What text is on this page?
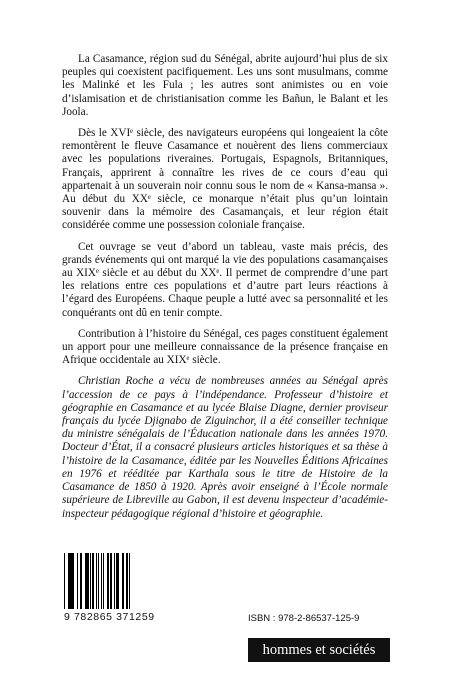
La Casamance, région sud du Sénégal, abrite aujourd’hui plus de six peuples qui coexistent pacifiquement. Les uns sont musulmans, comme les Malinké et les Fula ; les autres sont animistes ou en voie d’islamisation et de christianisation comme les Bañun, le Balant et les Joola.

Dès le XVIᵉ siècle, des navigateurs européens qui longeaient la côte remontèrent le fleuve Casamance et nouèrent des liens commerciaux avec les populations riveraines. Portugais, Espagnols, Britanniques, Français, apprirent à connaître les rives de ce cours d’eau qui appartenait à un souverain noir connu sous le nom de « Kansa-mansa ». Au début du XXᵉ siècle, ce monarque n’était plus qu’un lointain souvenir dans la mémoire des Casamançais, et leur région était considérée comme une possession coloniale française.

Cet ouvrage se veut d’abord un tableau, vaste mais précis, des grands événements qui ont marqué la vie des populations casamançaises au XIXᵉ siècle et au début du XXᵉ. Il permet de comprendre d’une part les relations entre ces populations et d’autre part leurs réactions à l’égard des Européens. Chaque peuple a lutté avec sa personnalité et les conquérants ont dû en tenir compte.

Contribution à l’histoire du Sénégal, ces pages constituent également un apport pour une meilleure connaissance de la présence française en Afrique occidentale au XIXᵉ siècle.

Christian Roche a vécu de nombreuses années au Sénégal après l’accession de ce pays à l’indépendance. Professeur d’histoire et géographie en Casamance et au lycée Blaise Diagne, dernier proviseur français du lycée Djignabo de Ziguinchor, il a été conseiller technique du ministre sénégalais de l’Éducation nationale dans les années 1970. Docteur d’État, il a consacré plusieurs articles historiques et sa thèse à l’histoire de la Casamance, éditée par les Nouvelles Éditions Africaines en 1976 et rééditée par Karthala sous le titre de Histoire de la Casamance de 1850 à 1920. Après avoir enseigné à l’École normale supérieure de Libreville au Gabon, il est devenu inspecteur d’académie-inspecteur pédagogique régional d’histoire et géographie.

9 782865 371259	ISBN : 978-2-86537-125-9
hommes et sociétés
